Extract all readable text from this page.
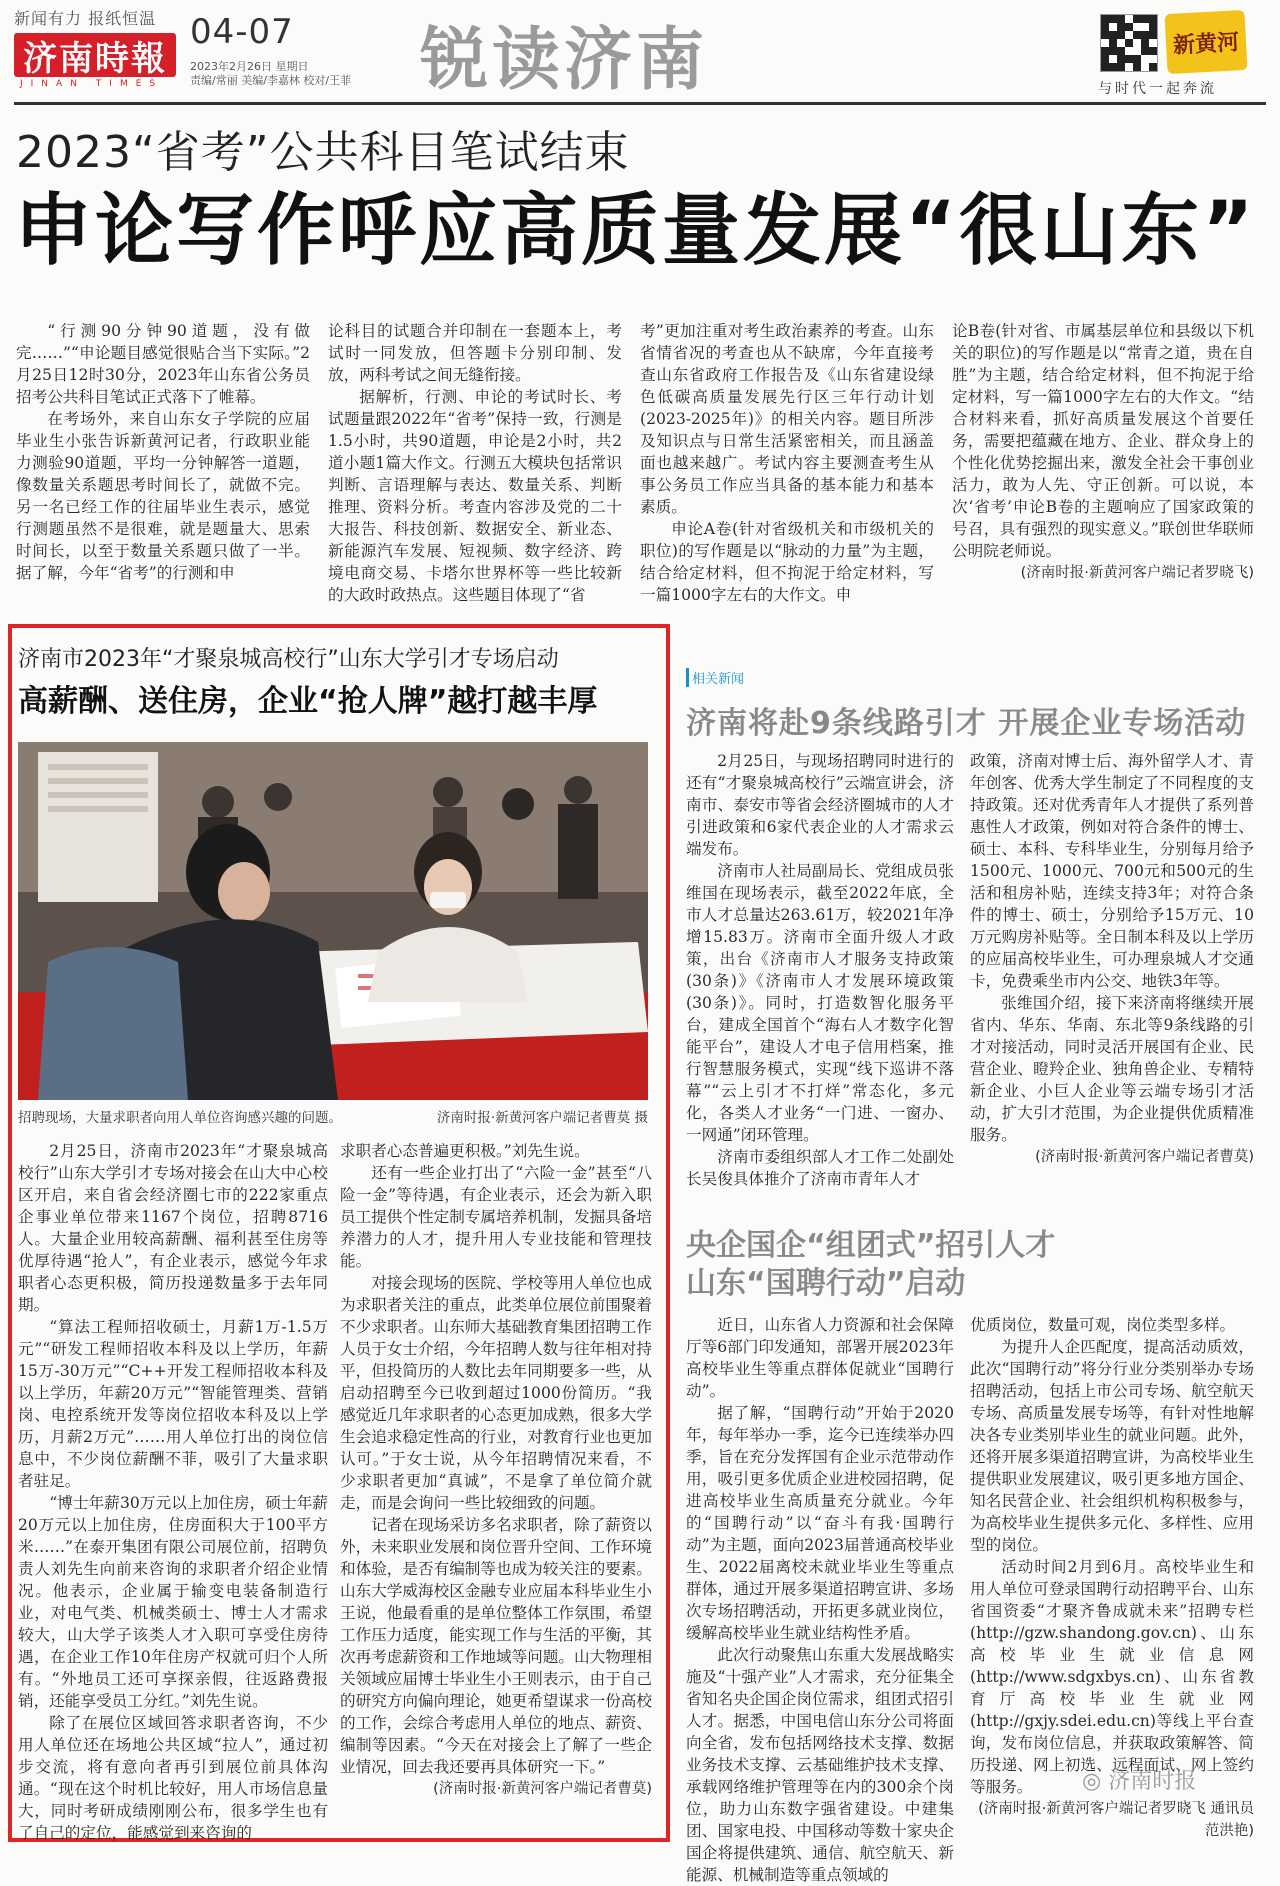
新闻有力 报纸恒温
济南時報
JINAN TIMES
04-07
2023年2月26日 星期日
责编/常丽 美编/李嘉林 校对/王菲 锐读济南	新黄河
与时代一起奔流
2023“省考”公共科目笔试结束
申论写作呼应高质量发展“很山东”

“行测90分钟90道题，没有做完……”“申论题目感觉很贴合当下实际。”2月25日12时30分，2023年山东省公务员招考公共科目笔试正式落下了帷幕。

在考场外，来自山东女子学院的应届毕业生小张告诉新黄河记者，行政职业能力测验90道题，平均一分钟解答一道题，像数量关系题思考时间长了，就做不完。另一名已经工作的往届毕业生表示，感觉行测题虽然不是很难，就是题量大、思索时间长，以至于数量关系题只做了一半。据了解，今年“省考”的行测和申

论科目的试题合并印制在一套题本上，考试时一同发放，但答题卡分别印制、发放，两科考试之间无缝衔接。

据解析，行测、申论的考试时长、考试题量跟2022年“省考”保持一致，行测是1.5小时，共90道题，申论是2小时，共2道小题1篇大作文。行测五大模块包括常识判断、言语理解与表达、数量关系、判断推理、资料分析。考查内容涉及党的二十大报告、科技创新、数据安全、新业态、新能源汽车发展、短视频、数字经济、跨境电商交易、卡塔尔世界杯等一些比较新的大政时政热点。这些题目体现了“省

考”更加注重对考生政治素养的考查。山东省情省况的考查也从不缺席，今年直接考查山东省政府工作报告及《山东省建设绿色低碳高质量发展先行区三年行动计划(2023-2025年)》的相关内容。题目所涉及知识点与日常生活紧密相关，而且涵盖面也越来越广。考试内容主要测查考生从事公务员工作应当具备的基本能力和基本素质。

申论A卷(针对省级机关和市级机关的职位)的写作题是以“脉动的力量”为主题，结合给定材料，但不拘泥于给定材料，写一篇1000字左右的大作文。申

论B卷(针对省、市属基层单位和县级以下机关的职位)的写作题是以“常青之道，贵在自胜”为主题，结合给定材料，但不拘泥于给定材料，写一篇1000字左右的大作文。“结合材料来看，抓好高质量发展这个首要任务，需要把蕴藏在地方、企业、群众身上的个性化优势挖掘出来，激发全社会干事创业活力，敢为人先、守正创新。可以说，本次‘省考’申论B卷的主题响应了国家政策的号召，具有强烈的现实意义。”联创世华联师公明院老师说。

(济南时报·新黄河客户端记者罗晓飞)

济南市2023年“才聚泉城高校行”山东大学引才专场启动
高薪酬、送住房，企业“抢人牌”越打越丰厚
招聘现场，大量求职者向用人单位咨询感兴趣的问题。	济南时报·新黄河客户端记者曹莫 摄

2月25日，济南市2023年“才聚泉城高校行”山东大学引才专场对接会在山大中心校区开启，来自省会经济圈七市的222家重点企事业单位带来1167个岗位，招聘8716人。大量企业用较高薪酬、福利甚至住房等优厚待遇“抢人”，有企业表示，感觉今年求职者心态更积极，简历投递数量多于去年同期。

“算法工程师招收硕士，月薪1万-1.5万元”“研发工程师招收本科及以上学历，年薪15万-30万元”“C++开发工程师招收本科及以上学历，年薪20万元”“智能管理类、营销岗、电控系统开发等岗位招收本科及以上学历，月薪2万元”……用人单位打出的岗位信息中，不少岗位薪酬不菲，吸引了大量求职者驻足。

“博士年薪30万元以上加住房，硕士年薪20万元以上加住房，住房面积大于100平方米……”在泰开集团有限公司展位前，招聘负责人刘先生向前来咨询的求职者介绍企业情况。他表示，企业属于输变电装备制造行业，对电气类、机械类硕士、博士人才需求较大，山大学子该类人才入职可享受住房待遇，在企业工作10年住房产权就可归个人所有。“外地员工还可享探亲假，往返路费报销，还能享受员工分红。”刘先生说。

除了在展位区域回答求职者咨询，不少用人单位还在场地公共区域“拉人”，通过初步交流，将有意向者再引到展位前具体沟通。“现在这个时机比较好，用人市场信息量大，同时考研成绩刚刚公布，很多学生也有了自己的定位，能感觉到来咨询的

求职者心态普遍更积极。”刘先生说。

还有一些企业打出了“六险一金”甚至“八险一金”等待遇，有企业表示，还会为新入职员工提供个性定制专属培养机制，发掘具备培养潜力的人才，提升用人专业技能和管理技能。

对接会现场的医院、学校等用人单位也成为求职者关注的重点，此类单位展位前围聚着不少求职者。山东师大基础教育集团招聘工作人员于女士介绍，今年招聘人数与往年相对持平，但投简历的人数比去年同期要多一些，从启动招聘至今已收到超过1000份简历。“我感觉近几年求职者的心态更加成熟，很多大学生会追求稳定性高的行业，对教育行业也更加认可。”于女士说，从今年招聘情况来看，不少求职者更加“真诚”，不是拿了单位简介就走，而是会询问一些比较细致的问题。

记者在现场采访多名求职者，除了薪资以外，未来职业发展和岗位晋升空间、工作环境和体验，是否有编制等也成为较关注的要素。山东大学威海校区金融专业应届本科毕业生小王说，他最看重的是单位整体工作氛围，希望工作压力适度，能实现工作与生活的平衡，其次再考虑薪资和工作地域等问题。山大物理相关领域应届博士毕业生小王则表示，由于自己的研究方向偏向理论，她更希望谋求一份高校的工作，会综合考虑用人单位的地点、薪资、编制等因素。“今天在对接会上了解了一些企业情况，回去我还要再具体研究一下。”

(济南时报·新黄河客户端记者曹莫)

相关新闻
济南将赴9条线路引才 开展企业专场活动

2月25日，与现场招聘同时进行的还有“才聚泉城高校行”云端宣讲会，济南市、泰安市等省会经济圈城市的人才引进政策和6家代表企业的人才需求云端发布。

济南市人社局副局长、党组成员张维国在现场表示，截至2022年底，全市人才总量达263.61万，较2021年净增15.83万。济南市全面升级人才政策，出台《济南市人才服务支持政策(30条)》《济南市人才发展环境政策(30条)》。同时，打造数智化服务平台，建成全国首个“海右人才数字化智能平台”，建设人才电子信用档案，推行智慧服务模式，实现“线下巡讲不落幕”“云上引才不打烊”常态化，多元化，各类人才业务“一门进、一窗办、一网通”闭环管理。

济南市委组织部人才工作二处副处长吴俊具体推介了济南市青年人才

政策，济南对博士后、海外留学人才、青年创客、优秀大学生制定了不同程度的支持政策。还对优秀青年人才提供了系列普惠性人才政策，例如对符合条件的博士、硕士、本科、专科毕业生，分别每月给予1500元、1000元、700元和500元的生活和租房补贴，连续支持3年；对符合条件的博士、硕士，分别给予15万元、10万元购房补贴等。全日制本科及以上学历的应届高校毕业生，可办理泉城人才交通卡，免费乘坐市内公交、地铁3年等。

张维国介绍，接下来济南将继续开展省内、华东、华南、东北等9条线路的引才对接活动，同时灵活开展国有企业、民营企业、瞪羚企业、独角兽企业、专精特新企业、小巨人企业等云端专场引才活动，扩大引才范围，为企业提供优质精准服务。

(济南时报·新黄河客户端记者曹莫)

央企国企“组团式”招引人才
山东“国聘行动”启动

近日，山东省人力资源和社会保障厅等6部门印发通知，部署开展2023年高校毕业生等重点群体促就业“国聘行动”。

据了解，“国聘行动”开始于2020年，每年举办一季，迄今已连续举办四季，旨在充分发挥国有企业示范带动作用，吸引更多优质企业进校园招聘，促进高校毕业生高质量充分就业。今年的“国聘行动”以“奋斗有我·国聘行动”为主题，面向2023届普通高校毕业生、2022届离校未就业毕业生等重点群体，通过开展多渠道招聘宣讲、多场次专场招聘活动，开拓更多就业岗位，缓解高校毕业生就业结构性矛盾。

此次行动聚焦山东重大发展战略实施及“十强产业”人才需求，充分征集全省知名央企国企岗位需求，组团式招引人才。据悉，中国电信山东分公司将面向全省，发布包括网络技术支撑、数据业务技术支撑、云基础维护技术支撑、承载网络维护管理等在内的300余个岗位，助力山东数字强省建设。中建集团、国家电投、中国移动等数十家央企国企将提供建筑、通信、航空航天、新能源、机械制造等重点领域的

优质岗位，数量可观，岗位类型多样。

为提升人企匹配度，提高活动质效，此次“国聘行动”将分行业分类别举办专场招聘活动，包括上市公司专场、航空航天专场、高质量发展专场等，有针对性地解决各专业类别毕业生的就业问题。此外，还将开展多渠道招聘宣讲，为高校毕业生提供职业发展建议，吸引更多地方国企、知名民营企业、社会组织机构积极参与，为高校毕业生提供多元化、多样性、应用型的岗位。

活动时间2月到6月。高校毕业生和用人单位可登录国聘行动招聘平台、山东省国资委“才聚齐鲁成就未来”招聘专栏(http://gzw.shandong.gov.cn)、山东高校毕业生就业信息网(http://www.sdgxbys.cn)、山东省教育厅高校毕业生就业网(http://gxjy.sdei.edu.cn)等线上平台查询，发布岗位信息，并获取政策解答、简历投递、网上初选、远程面试、网上签约等服务。

(济南时报·新黄河客户端记者罗晓飞 通讯员范洪艳)

◎ 济南时报
